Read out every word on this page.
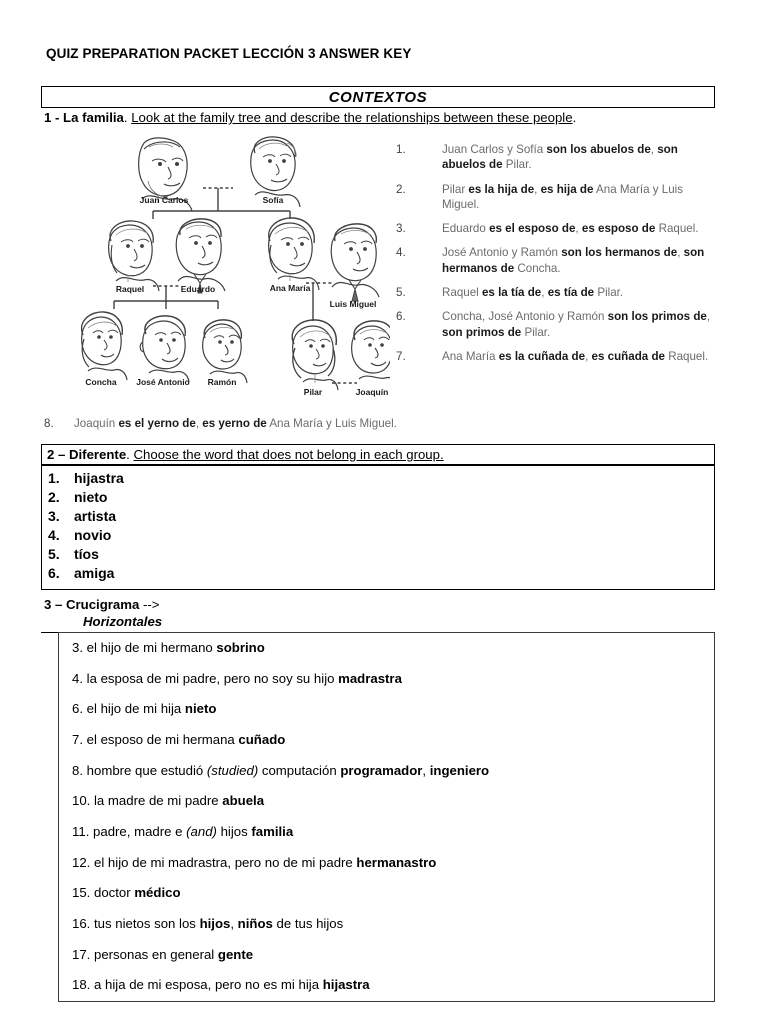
QUIZ PREPARATION PACKET LECCIÓN 3 ANSWER KEY
CONTEXTOS
1 - La familia. Look at the family tree and describe the relationships between these people.
Juan Carlos	Sofía
Raquel	Eduardo	Ana María
Luis Miguel
Concha José Antonio Ramón
Pilar	Joaquín
1.	Juan Carlos y Sofía son los abuelos de, son abuelos de Pilar.
2.	Pilar es la hija de, es hija de Ana María y Luis Miguel.
3.	Eduardo es el esposo de, es esposo de Raquel.
4.	José Antonio y Ramón son los hermanos de, son hermanos de Concha.
5.	Raquel es la tía de, es tía de Pilar.
6.	Concha, José Antonio y Ramón son los primos de, son primos de Pilar.
7.	Ana María es la cuñada de, es cuñada de Raquel.
8.	Joaquín es el yerno de, es yerno de Ana María y Luis Miguel.
2 – Diferente. Choose the word that does not belong in each group.
1.	hijastra
2.	nieto
3.	artista
4.	novio
5.	tíos
6.	amiga
3 – Crucigrama -->
Horizontales
3. el hijo de mi hermano sobrino
4. la esposa de mi padre, pero no soy su hijo madrastra
6. el hijo de mi hija nieto
7. el esposo de mi hermana cuñado
8. hombre que estudió (studied) computación programador, ingeniero
10. la madre de mi padre abuela
11. padre, madre e (and) hijos familia
12. el hijo de mi madrastra, pero no de mi padre hermanastro
15. doctor médico
16. tus nietos son los hijos, niños de tus hijos
17. personas en general gente
18. a hija de mi esposa, pero no es mi hija hijastra
